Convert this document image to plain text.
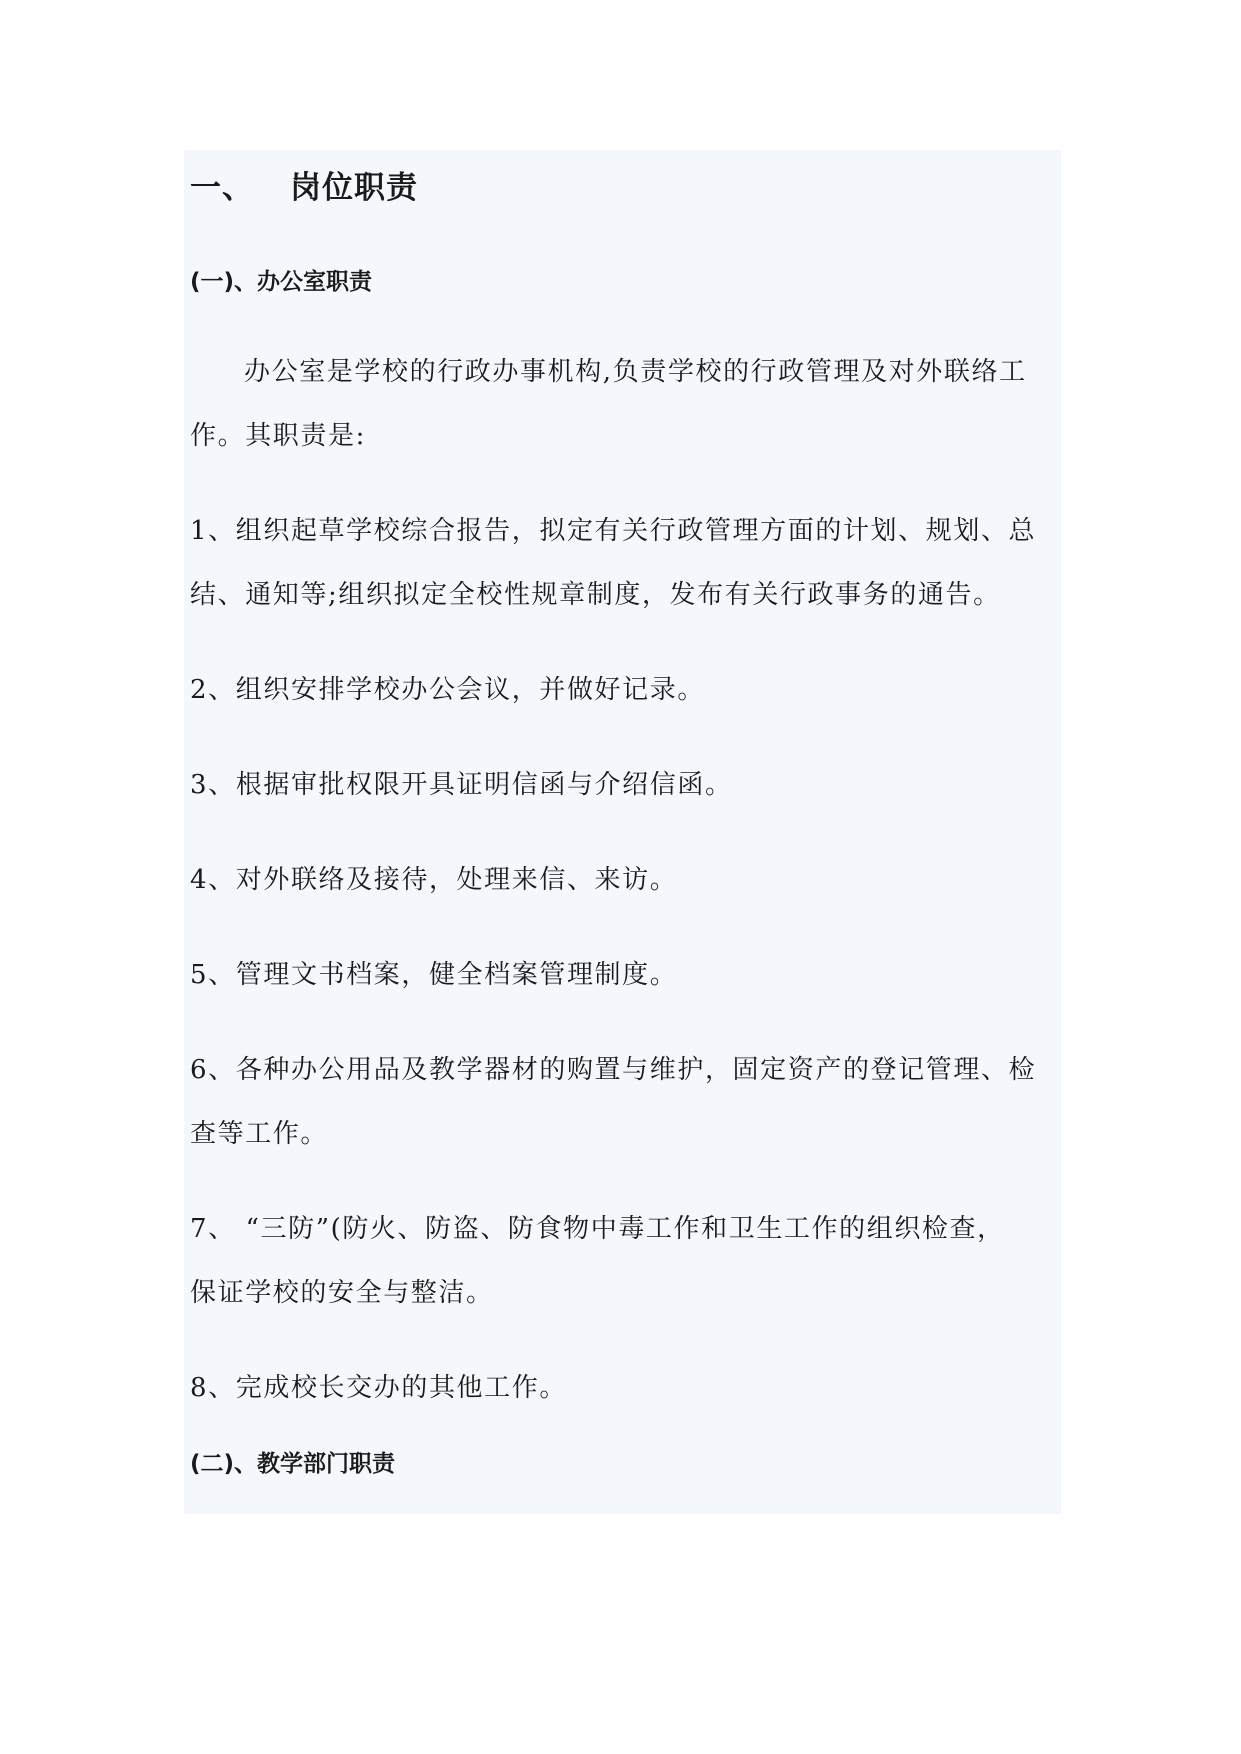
一、 岗位职责
(一)、办公室职责
办公室是学校的行政办事机构,负责学校的行政管理及对外联络工
作。其职责是:
1、组织起草学校综合报告，拟定有关行政管理方面的计划、规划、总
结、通知等;组织拟定全校性规章制度，发布有关行政事务的通告。
2、组织安排学校办公会议，并做好记录。
3、根据审批权限开具证明信函与介绍信函。
4、对外联络及接待，处理来信、来访。
5、管理文书档案，健全档案管理制度。
6、各种办公用品及教学器材的购置与维护，固定资产的登记管理、检
查等工作。
7、 “三防”(防火、防盗、防食物中毒工作和卫生工作的组织检查，
保证学校的安全与整洁。
8、完成校长交办的其他工作。
(二)、教学部门职责
